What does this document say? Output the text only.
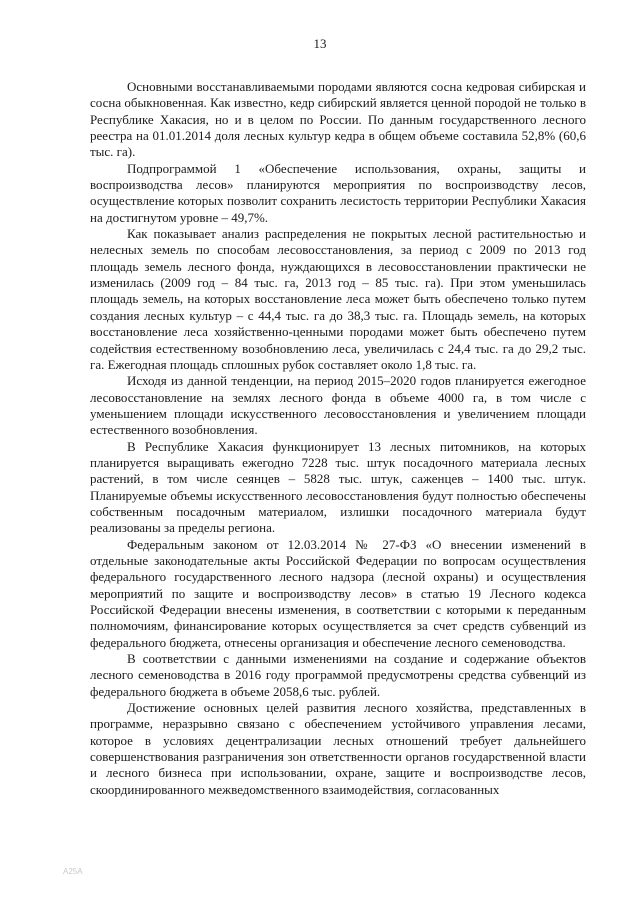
13

Основными восстанавливаемыми породами являются сосна кедровая сибирская и сосна обыкновенная. Как известно, кедр сибирский является ценной породой не только в Республике Хакасия, но и в целом по России. По данным государственного лесного реестра на 01.01.2014 доля лесных культур кедра в общем объеме составила 52,8% (60,6 тыс. га).

Подпрограммой 1 «Обеспечение использования, охраны, защиты и воспроизводства лесов» планируются мероприятия по воспроизводству лесов, осуществление которых позволит сохранить лесистость территории Республики Хакасия на достигнутом уровне – 49,7%.

Как показывает анализ распределения не покрытых лесной растительностью и нелесных земель по способам лесовосстановления, за период с 2009 по 2013 год площадь земель лесного фонда, нуждающихся в лесовосстановлении практически не изменилась (2009 год – 84 тыс. га, 2013 год – 85 тыс. га). При этом уменьшилась площадь земель, на которых восстановление леса может быть обеспечено только путем создания лесных культур – с 44,4 тыс. га до 38,3 тыс. га. Площадь земель, на которых восстановление леса хозяйственно-ценными породами может быть обеспечено путем содействия естественному возобновлению леса, увеличилась с 24,4 тыс. га до 29,2 тыс. га. Ежегодная площадь сплошных рубок составляет около 1,8 тыс. га.

Исходя из данной тенденции, на период 2015–2020 годов планируется ежегодное лесовосстановление на землях лесного фонда в объеме 4000 га, в том числе с уменьшением площади искусственного лесовосстановления и увеличением площади естественного возобновления.

В Республике Хакасия функционирует 13 лесных питомников, на которых планируется выращивать ежегодно 7228 тыс. штук посадочного материала лесных растений, в том числе сеянцев – 5828 тыс. штук, саженцев – 1400 тыс. штук. Планируемые объемы искусственного лесовосстановления будут полностью обеспечены собственным посадочным материалом, излишки посадочного материала будут реализованы за пределы региона.

Федеральным законом от 12.03.2014 № 27-ФЗ «О внесении изменений в отдельные законодательные акты Российской Федерации по вопросам осуществления федерального государственного лесного надзора (лесной охраны) и осуществления мероприятий по защите и воспроизводству лесов» в статью 19 Лесного кодекса Российской Федерации внесены изменения, в соответствии с которыми к переданным полномочиям, финансирование которых осуществляется за счет средств субвенций из федерального бюджета, отнесены организация и обеспечение лесного семеноводства.

В соответствии с данными изменениями на создание и содержание объектов лесного семеноводства в 2016 году программой предусмотрены средства субвенций из федерального бюджета в объеме 2058,6 тыс. рублей.

Достижение основных целей развития лесного хозяйства, представленных в программе, неразрывно связано с обеспечением устойчивого управления лесами, которое в условиях децентрализации лесных отношений требует дальнейшего совершенствования разграничения зон ответственности органов государственной власти и лесного бизнеса при использовании, охране, защите и воспроизводстве лесов, скоординированного межведомственного взаимодействия, согласованных

А25А
